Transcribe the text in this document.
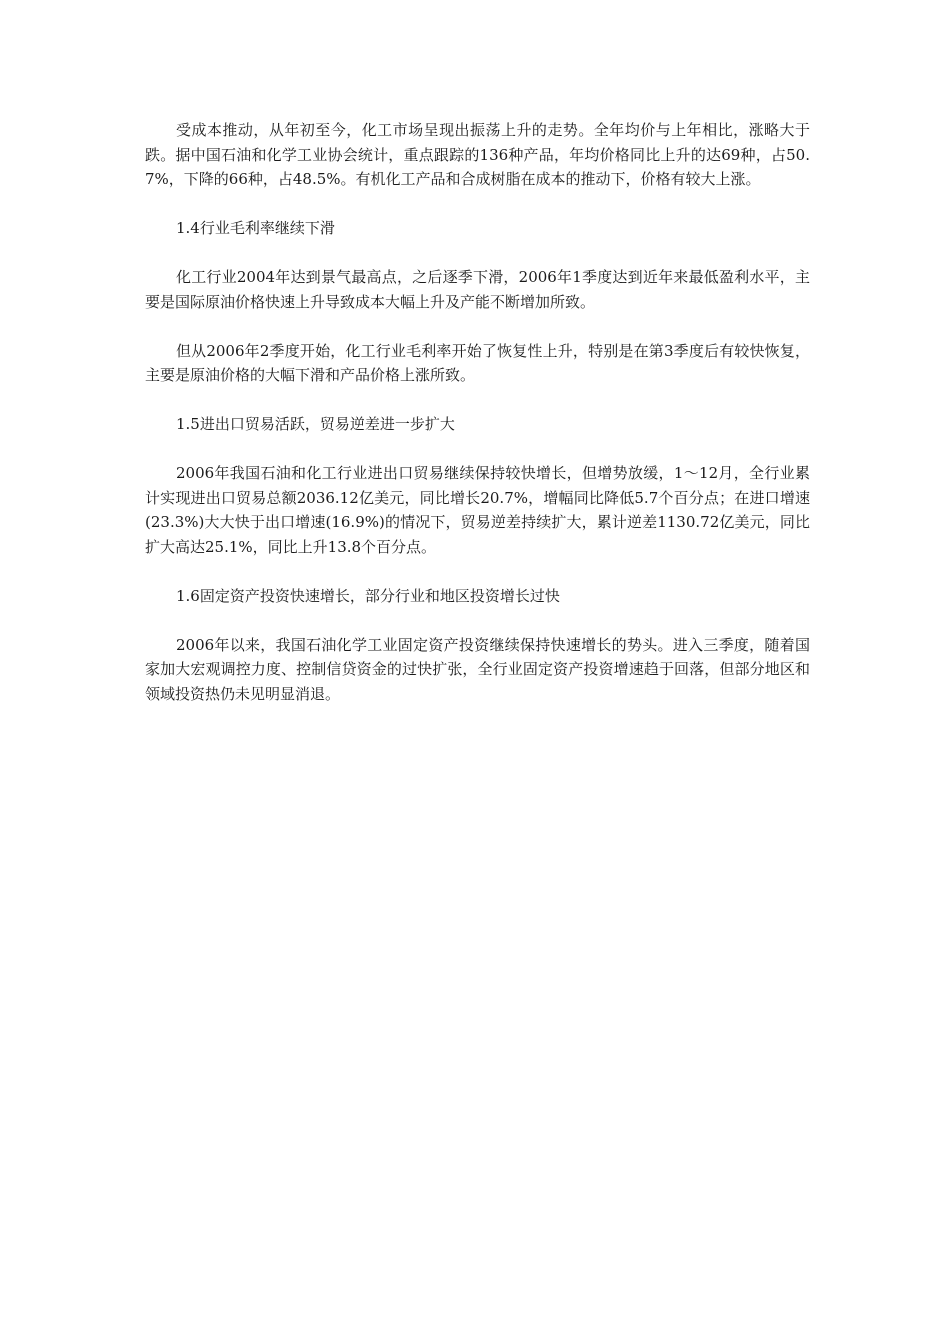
受成本推动，从年初至今，化工市场呈现出振荡上升的走势。全年均价与上年相比，涨略大于跌。据中国石油和化学工业协会统计，重点跟踪的136种产品，年均价格同比上升的达69种，占50.7%，下降的66种，占48.5%。有机化工产品和合成树脂在成本的推动下，价格有较大上涨。

1.4行业毛利率继续下滑

化工行业2004年达到景气最高点，之后逐季下滑，2006年1季度达到近年来最低盈利水平，主要是国际原油价格快速上升导致成本大幅上升及产能不断增加所致。

但从2006年2季度开始，化工行业毛利率开始了恢复性上升，特别是在第3季度后有较快恢复，主要是原油价格的大幅下滑和产品价格上涨所致。

1.5进出口贸易活跃，贸易逆差进一步扩大

2006年我国石油和化工行业进出口贸易继续保持较快增长，但增势放缓，1～12月，全行业累计实现进出口贸易总额2036.12亿美元，同比增长20.7%，增幅同比降低5.7个百分点；在进口增速(23.3%)大大快于出口增速(16.9%)的情况下，贸易逆差持续扩大，累计逆差1130.72亿美元，同比扩大高达25.1%，同比上升13.8个百分点。

1.6固定资产投资快速增长，部分行业和地区投资增长过快

2006年以来，我国石油化学工业固定资产投资继续保持快速增长的势头。进入三季度，随着国家加大宏观调控力度、控制信贷资金的过快扩张，全行业固定资产投资增速趋于回落，但部分地区和领域投资热仍未见明显消退。
